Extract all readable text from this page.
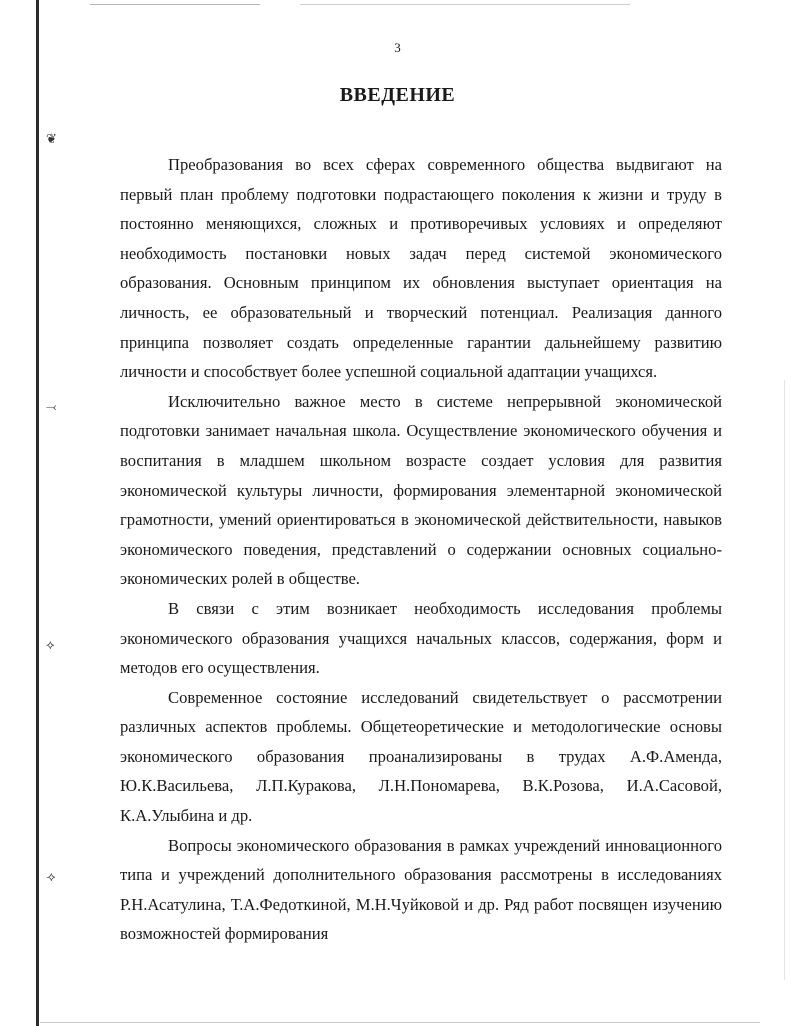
❦
⤙
⟡
⟢
3
ВВЕДЕНИЕ

Преобразования во всех сферах современного общества выдвигают на первый план проблему подготовки подрастающего поколения к жизни и труду в постоянно меняющихся, сложных и противоречивых условиях и определяют необходимость постановки новых задач перед системой экономического образования. Основным принципом их обновления выступает ориентация на личность, ее образовательный и творческий потенциал. Реализация данного принципа позволяет создать определенные гарантии дальнейшему развитию личности и способствует более успешной социальной адаптации учащихся.

Исключительно важное место в системе непрерывной экономической подготовки занимает начальная школа. Осуществление экономического обучения и воспитания в младшем школьном возрасте создает условия для развития экономической культуры личности, формирования элементарной экономической грамотности, умений ориентироваться в экономической действительности, навыков экономического поведения, представлений о содержании основных социально-экономических ролей в обществе.

В связи с этим возникает необходимость исследования проблемы экономического образования учащихся начальных классов, содержания, форм и методов его осуществления.

Современное состояние исследований свидетельствует о рассмотрении различных аспектов проблемы. Общетеоретические и методологические основы экономического образования проанализированы в трудах А.Ф.Аменда, Ю.К.Васильева, Л.П.Куракова, Л.Н.Пономарева, В.К.Розова, И.А.Сасовой, К.А.Улыбина и др.

Вопросы экономического образования в рамках учреждений инновационного типа и учреждений дополнительного образования рассмотрены в исследованиях Р.Н.Асатулина, Т.А.Федоткиной, М.Н.Чуйковой и др. Ряд работ посвящен изучению возможностей формирования
